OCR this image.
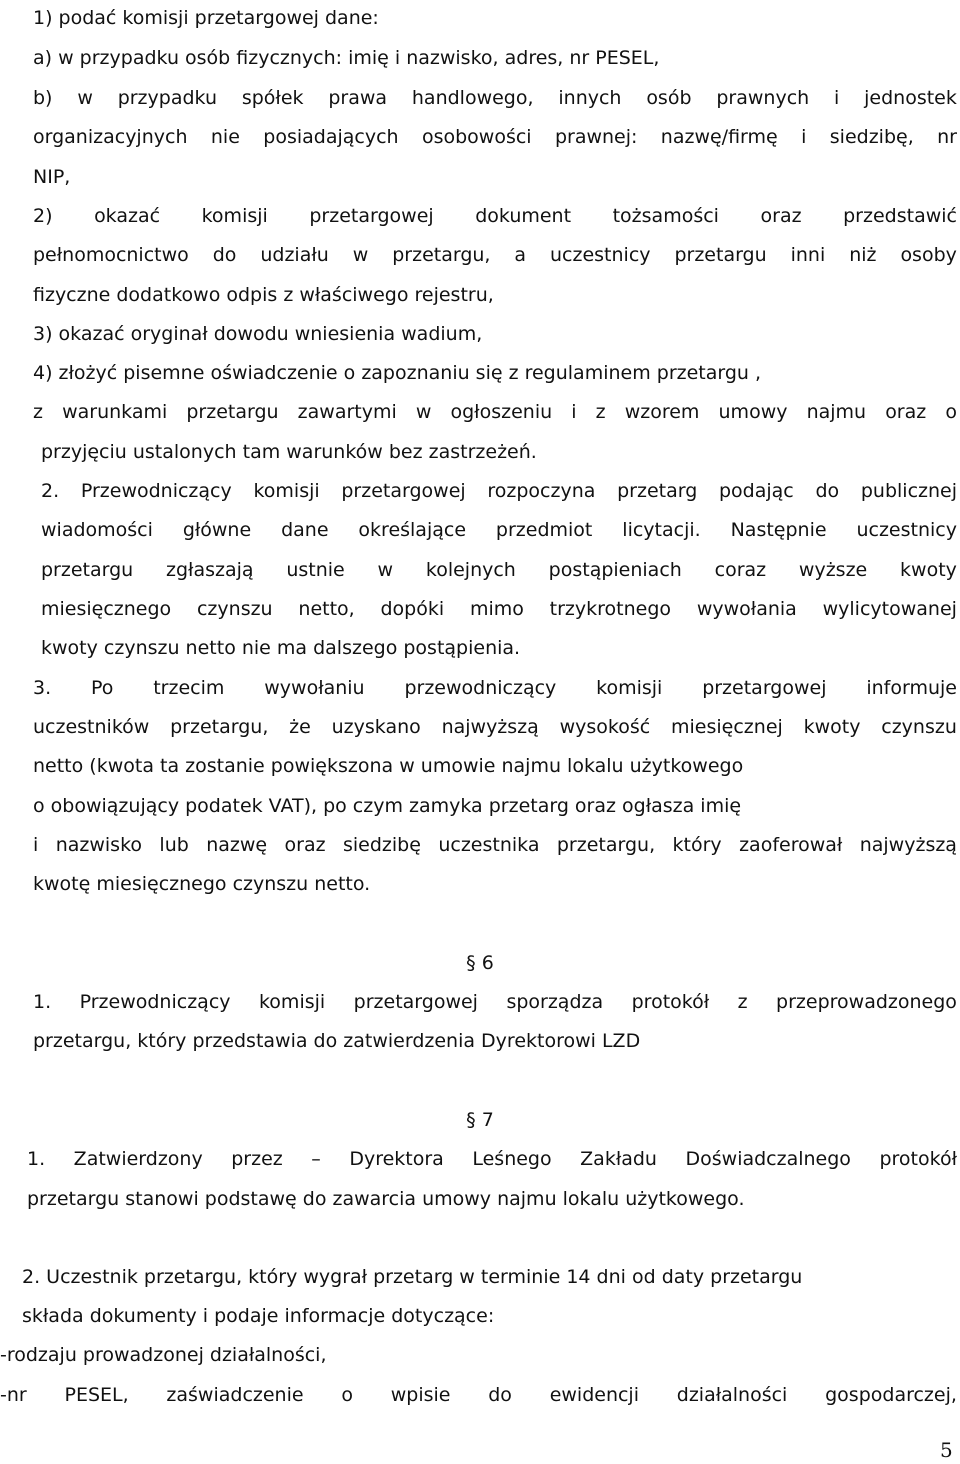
1) podać komisji przetargowej dane:
a) w przypadku osób fizycznych: imię i nazwisko, adres, nr PESEL,
b) w przypadku spółek prawa handlowego, innych osób prawnych i jednostek
organizacyjnych nie posiadających osobowości prawnej: nazwę/firmę i siedzibę, nr
NIP,
2) okazać komisji przetargowej dokument tożsamości oraz przedstawić
pełnomocnictwo do udziału w przetargu, a uczestnicy przetargu inni niż osoby
fizyczne dodatkowo odpis z właściwego rejestru,
3) okazać oryginał dowodu wniesienia wadium,
4) złożyć pisemne oświadczenie o zapoznaniu się z regulaminem przetargu ,
z warunkami przetargu zawartymi w ogłoszeniu i z wzorem umowy najmu oraz o
przyjęciu ustalonych tam warunków bez zastrzeżeń.
2. Przewodniczący komisji przetargowej rozpoczyna przetarg podając do publicznej
wiadomości główne dane określające przedmiot licytacji. Następnie uczestnicy
przetargu zgłaszają ustnie w kolejnych postąpieniach coraz wyższe kwoty
miesięcznego czynszu netto, dopóki mimo trzykrotnego wywołania wylicytowanej
kwoty czynszu netto nie ma dalszego postąpienia.
3. Po trzecim wywołaniu przewodniczący komisji przetargowej informuje
uczestników przetargu, że uzyskano najwyższą wysokość miesięcznej kwoty czynszu
netto (kwota ta zostanie powiększona w umowie najmu lokalu użytkowego
o obowiązujący podatek VAT), po czym zamyka przetarg oraz ogłasza imię
i nazwisko lub nazwę oraz siedzibę uczestnika przetargu, który zaoferował najwyższą
kwotę miesięcznego czynszu netto.
§ 6
1. Przewodniczący komisji przetargowej sporządza protokół z przeprowadzonego
przetargu, który przedstawia do zatwierdzenia Dyrektorowi LZD
§ 7
1. Zatwierdzony przez – Dyrektora Leśnego Zakładu Doświadczalnego protokół
przetargu stanowi podstawę do zawarcia umowy najmu lokalu użytkowego.
2. Uczestnik przetargu, który wygrał przetarg w terminie 14 dni od daty przetargu
składa dokumenty i podaje informacje dotyczące:
-rodzaju prowadzonej działalności,
-nr PESEL, zaświadczenie o wpisie do ewidencji działalności gospodarczej,
5
